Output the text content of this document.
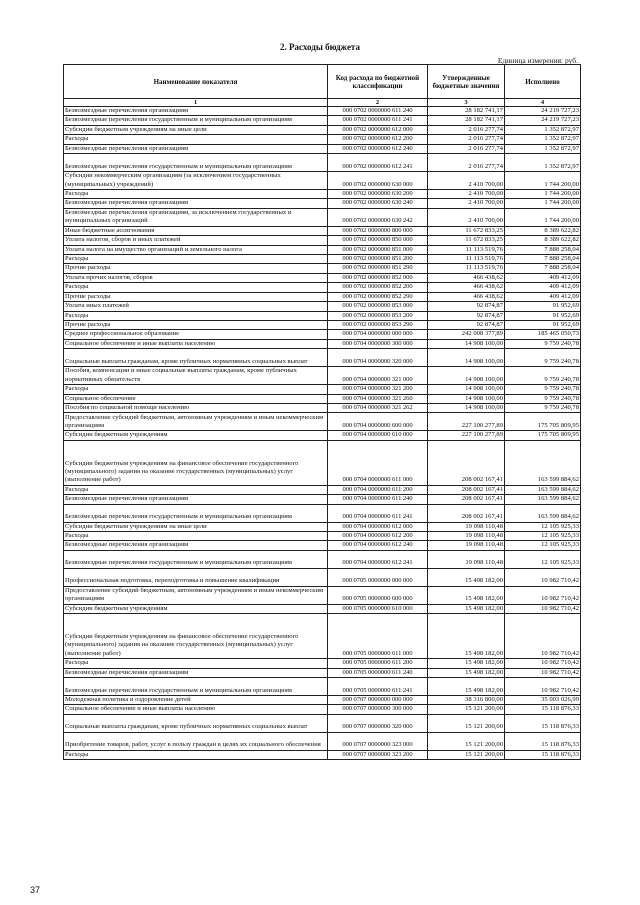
2. Расходы бюджета
Единица измерения: руб.
Наименование показателя	Код расхода по бюджетной классификации	Утвержденные бюджетные значения	Исполнено
1	2	3	4
Безвозмездные перечисления организациям	000 0702 0000000 611 240	28 182 741,17	24 219 727,23
Безвозмездные перечисления государственным и муниципальным организациям	000 0702 0000000 611 241	28 182 741,17	24 219 727,23
Субсидии бюджетным учреждениям на иные цели	000 0702 0000000 612 000	2 016 277,74	1 352 872,97
Расходы	000 0702 0000000 612 200	2 016 277,74	1 352 872,97
Безвозмездные перечисления организациям	000 0702 0000000 612 240	2 016 277,74	1 352 872,97
Безвозмездные перечисления государственным и муниципальным организациям	000 0702 0000000 612 241	2 016 277,74	1 352 872,97
Субсидии некоммерческим организациям (за исключением государственных (муниципальных) учреждений)	000 0702 0000000 630 000	2 410 700,00	1 744 200,00
Расходы	000 0702 0000000 630 200	2 410 700,00	1 744 200,00
Безвозмездные перечисления организациям	000 0702 0000000 630 240	2 410 700,00	1 744 200,00
Безвозмездные перечисления организациям, за исключением государственных и муниципальных организаций	000 0702 0000000 630 242	2 410 700,00	1 744 200,00
Иные бюджетные ассигнования	000 0702 0000000 800 000	11 672 833,25	8 389 622,82
Уплата налогов, сборов и иных платежей	000 0702 0000000 850 000	11 672 833,25	8 389 622,82
Уплата налога на имущество организаций и земельного налога	000 0702 0000000 851 000	11 113 519,76	7 888 258,04
Расходы	000 0702 0000000 851 200	11 113 519,76	7 888 258,04
Прочие расходы	000 0702 0000000 851 290	11 113 519,76	7 888 258,04
Уплата прочих налогов, сборов	000 0702 0000000 852 000	466 438,62	409 412,09
Расходы	000 0702 0000000 852 200	466 438,62	409 412,09
Прочие расходы	000 0702 0000000 852 290	466 438,62	409 412,09
Уплата иных платежей	000 0702 0000000 853 000	92 874,87	91 952,69
Расходы	000 0702 0000000 853 200	92 874,87	91 952,69
Прочие расходы	000 0702 0000000 853 290	92 874,87	91 952,69
Среднее профессиональное образование	000 0704 0000000 000 000	242 008 377,89	185 465 050,73
Социальное обеспечение и иные выплаты населению	000 0704 0000000 300 000	14 908 100,00	9 759 240,78
Социальные выплаты гражданам, кроме публичных нормативных социальных выплат	000 0704 0000000 320 000	14 908 100,00	9 759 240,78
Пособия, компенсации и иные социальные выплаты гражданам, кроме публичных нормативных обязательств	000 0704 0000000 321 000	14 908 100,00	9 759 240,78
Расходы	000 0704 0000000 321 200	14 908 100,00	9 759 240,78
Социальное обеспечение	000 0704 0000000 321 260	14 908 100,00	9 759 240,78
Пособия по социальной помощи населению	000 0704 0000000 321 262	14 908 100,00	9 759 240,78
Предоставление субсидий бюджетным, автономным учреждениям и иным некоммерческим организациям	000 0704 0000000 600 000	227 100 277,89	175 705 809,95
Субсидии бюджетным учреждениям	000 0704 0000000 610 000	227 100 277,89	175 705 809,95
Субсидии бюджетным учреждениям на финансовое обеспечение государственного (муниципального) задания на оказание государственных (муниципальных) услуг (выполнение работ)	000 0704 0000000 611 000	208 002 167,41	163 599 884,62
Расходы	000 0704 0000000 611 200	208 002 167,41	163 599 884,62
Безвозмездные перечисления организациям	000 0704 0000000 611 240	208 002 167,41	163 599 884,62
Безвозмездные перечисления государственным и муниципальным организациям	000 0704 0000000 611 241	208 002 167,41	163 599 884,62
Субсидии бюджетным учреждениям на иные цели	000 0704 0000000 612 000	19 098 110,48	12 105 925,33
Расходы	000 0704 0000000 612 200	19 098 110,48	12 105 925,33
Безвозмездные перечисления организациям	000 0704 0000000 612 240	19 098 110,48	12 105 925,33
Безвозмездные перечисления государственным и муниципальным организациям	000 0704 0000000 612 241	19 098 110,48	12 105 925,33
Профессиональная подготовка, переподготовка и повышение квалификации	000 0705 0000000 000 000	15 498 182,00	10 982 710,42
Предоставление субсидий бюджетным, автономным учреждениям и иным некоммерческим организациям	000 0705 0000000 600 000	15 498 182,00	10 982 710,42
Субсидии бюджетным учреждениям	000 0705 0000000 610 000	15 498 182,00	10 982 710,42
Субсидии бюджетным учреждениям на финансовое обеспечение государственного (муниципального) задания на оказание государственных (муниципальных) услуг (выполнение работ)	000 0705 0000000 611 000	15 498 182,00	10 982 710,42
Расходы	000 0705 0000000 611 200	15 498 182,00	10 982 710,42
Безвозмездные перечисления организациям	000 0705 0000000 611 240	15 498 182,00	10 982 710,42
Безвозмездные перечисления государственным и муниципальным организациям	000 0705 0000000 611 241	15 498 182,00	10 982 710,42
Молодежная политика и оздоровление детей	000 0707 0000000 000 000	38 316 800,00	35 003 026,99
Социальное обеспечение и иные выплаты населению	000 0707 0000000 300 000	15 121 200,00	15 118 876,33
Социальные выплаты гражданам, кроме публичных нормативных социальных выплат	000 0707 0000000 320 000	15 121 200,00	15 118 876,33
Приобретение товаров, работ, услуг в пользу граждан в целях их социального обеспечения	000 0707 0000000 323 000	15 121 200,00	15 118 876,33
Расходы	000 0707 0000000 323 200	15 121 200,00	15 118 876,33
37
